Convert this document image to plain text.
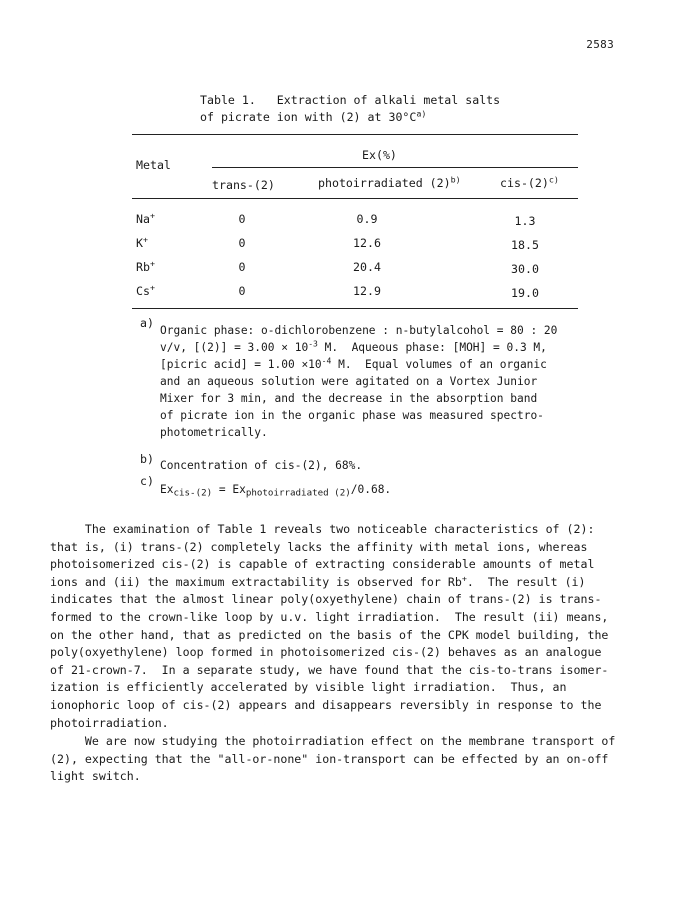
2583
Table 1.   Extraction of alkali metal salts
of picrate ion with (2) at $30^\circ C^{a)}$
Metal
Ex(%)
trans-(2)	photoirradiated $(2)^{b)}$	cis-$(2)^{c)}$
Na+	0	0.9	1.3
K+	0	12.6	18.5
Rb+	0	20.4	30.0
Cs+	0	12.9	19.0
a)
Organic phase: o-dichlorobenzene : n-butylalcohol = 80 : 20
v/v, $[(2)] = 3.00 \times 10^{-3}$ M.  Aqueous phase: [MOH] = 0.3 M,
[picric acid] = $1.00 \times 10^{-4}$ M.  Equal volumes of an organic
and an aqueous solution were agitated on a Vortex Junior
Mixer for 3 min, and the decrease in the absorption band
of picrate ion in the organic phase was measured spectro-
photometrically.
b) Concentration of cis-(2), 68%.
c)
$Ex_{cis-(2)} = Ex_{photoirradiated (2)}/0.68$.
The examination of Table 1 reveals two noticeable characteristics of (2):
that is, (i) trans-(2) completely lacks the affinity with metal ions, whereas
photoisomerized cis-(2) is capable of extracting considerable amounts of metal
ions and (ii) the maximum extractability is observed for Rb+.  The result (i)
indicates that the almost linear poly(oxyethylene) chain of trans-(2) is trans-
formed to the crown-like loop by u.v. light irradiation.  The result (ii) means,
on the other hand, that as predicted on the basis of the CPK model building, the
poly(oxyethylene) loop formed in photoisomerized cis-(2) behaves as an analogue
of 21-crown-7.  In a separate study, we have found that the cis-to-trans isomer-
ization is efficiently accelerated by visible light irradiation.  Thus, an
ionophoric loop of cis-(2) appears and disappears reversibly in response to the
photoirradiation.
We are now studying the photoirradiation effect on the membrane transport of
(2), expecting that the "all-or-none" ion-transport can be effected by an on-off
light switch.
